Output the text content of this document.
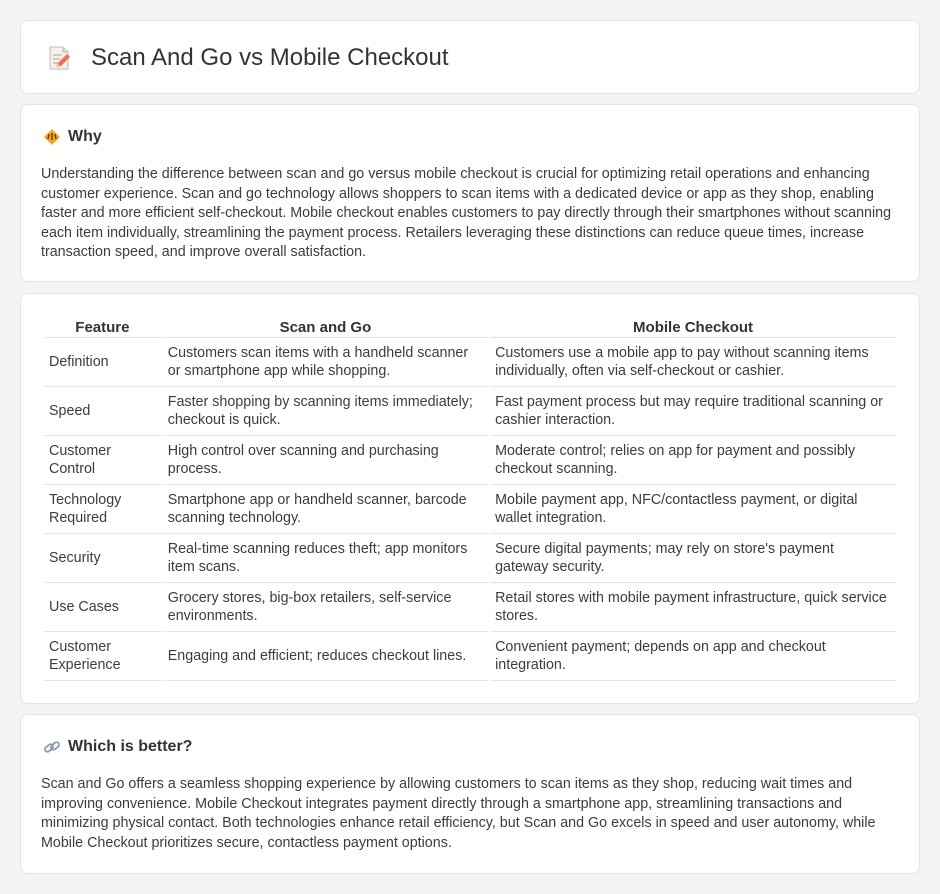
Scan And Go vs Mobile Checkout
Why

Understanding the difference between scan and go versus mobile checkout is crucial for optimizing retail operations and enhancing customer experience. Scan and go technology allows shoppers to scan items with a dedicated device or app as they shop, enabling faster and more efficient self-checkout. Mobile checkout enables customers to pay directly through their smartphones without scanning each item individually, streamlining the payment process. Retailers leveraging these distinctions can reduce queue times, increase transaction speed, and improve overall satisfaction.

Feature	Scan and Go	Mobile Checkout
Definition	Customers scan items with a handheld scanner or smartphone app while shopping.	Customers use a mobile app to pay without scanning items individually, often via self-checkout or cashier.
Speed	Faster shopping by scanning items immediately; checkout is quick.	Fast payment process but may require traditional scanning or cashier interaction.
Customer Control	High control over scanning and purchasing process.	Moderate control; relies on app for payment and possibly checkout scanning.
Technology Required	Smartphone app or handheld scanner, barcode scanning technology.	Mobile payment app, NFC/contactless payment, or digital wallet integration.
Security	Real-time scanning reduces theft; app monitors item scans.	Secure digital payments; may rely on store's payment gateway security.
Use Cases	Grocery stores, big-box retailers, self-service environments.	Retail stores with mobile payment infrastructure, quick service stores.
Customer Experience	Engaging and efficient; reduces checkout lines.	Convenient payment; depends on app and checkout integration.
Which is better?

Scan and Go offers a seamless shopping experience by allowing customers to scan items as they shop, reducing wait times and improving convenience. Mobile Checkout integrates payment directly through a smartphone app, streamlining transactions and minimizing physical contact. Both technologies enhance retail efficiency, but Scan and Go excels in speed and user autonomy, while Mobile Checkout prioritizes secure, contactless payment options.
